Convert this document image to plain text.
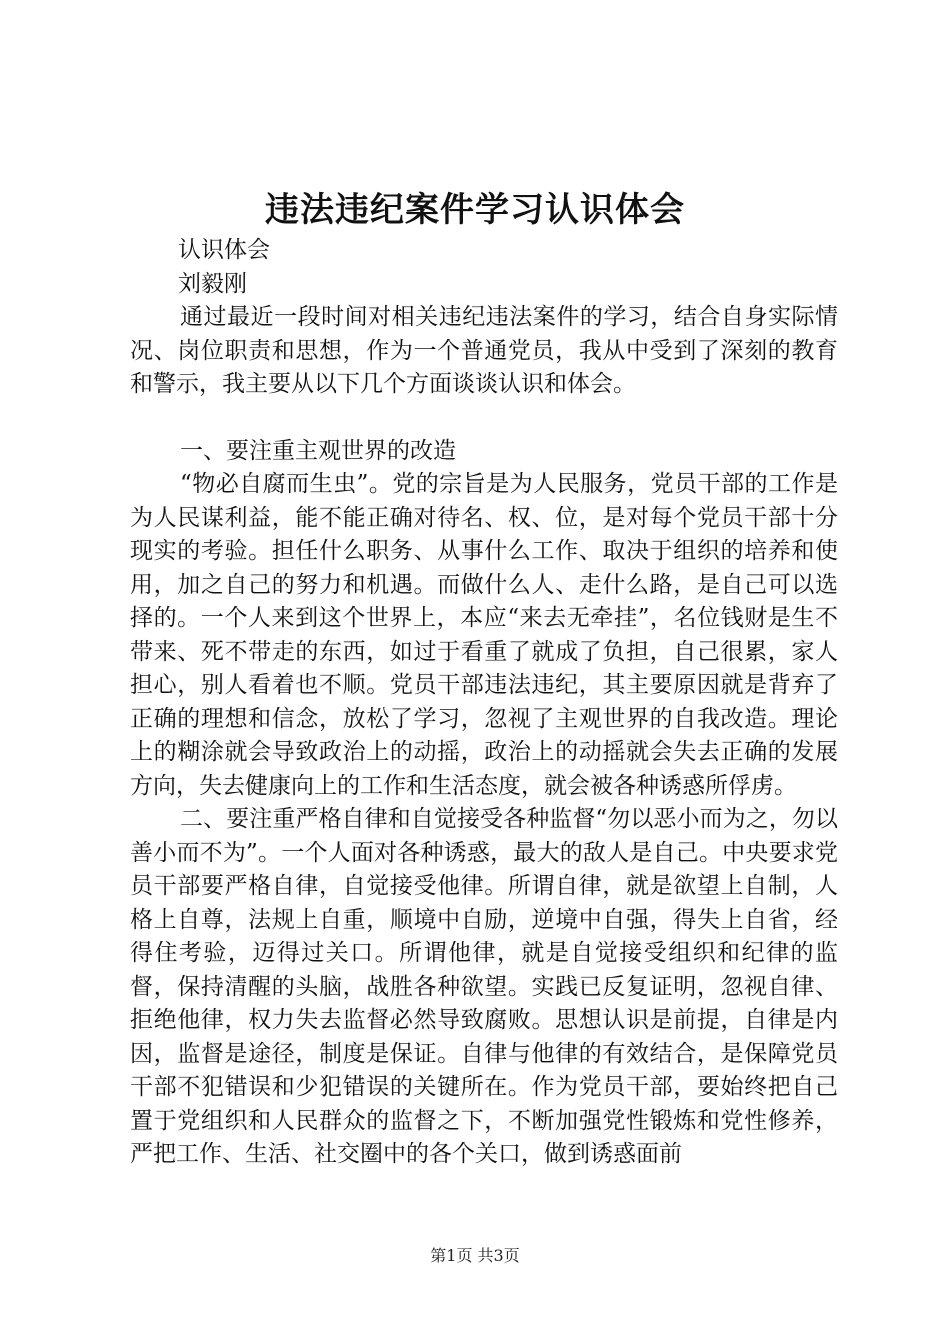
违法违纪案件学习认识体会
认识体会
刘毅刚

通过最近一段时间对相关违纪违法案件的学习，结合自身实际情况、岗位职责和思想，作为一个普通党员，我从中受到了深刻的教育和警示，我主要从以下几个方面谈谈认识和体会。

一、要注重主观世界的改造

“物必自腐而生虫”。党的宗旨是为人民服务，党员干部的工作是为人民谋利益，能不能正确对待名、权、位，是对每个党员干部十分现实的考验。担任什么职务、从事什么工作、取决于组织的培养和使用，加之自己的努力和机遇。而做什么人、走什么路，是自己可以选择的。一个人来到这个世界上，本应“来去无牵挂”，名位钱财是生不带来、死不带走的东西，如过于看重了就成了负担，自己很累，家人担心，别人看着也不顺。党员干部违法违纪，其主要原因就是背弃了正确的理想和信念，放松了学习，忽视了主观世界的自我改造。理论上的糊涂就会导致政治上的动摇，政治上的动摇就会失去正确的发展方向，失去健康向上的工作和生活态度，就会被各种诱惑所俘虏。

二、要注重严格自律和自觉接受各种监督“勿以恶小而为之，勿以善小而不为”。一个人面对各种诱惑，最大的敌人是自己。中央要求党员干部要严格自律，自觉接受他律。所谓自律，就是欲望上自制，人格上自尊，法规上自重，顺境中自励，逆境中自强，得失上自省，经得住考验，迈得过关口。所谓他律，就是自觉接受组织和纪律的监督，保持清醒的头脑，战胜各种欲望。实践已反复证明，忽视自律、拒绝他律，权力失去监督必然导致腐败。思想认识是前提，自律是内因，监督是途径，制度是保证。自律与他律的有效结合，是保障党员干部不犯错误和少犯错误的关键所在。作为党员干部，要始终把自己置于党组织和人民群众的监督之下，不断加强党性锻炼和党性修养，严把工作、生活、社交圈中的各个关口，做到诱惑面前

第1页 共3页
